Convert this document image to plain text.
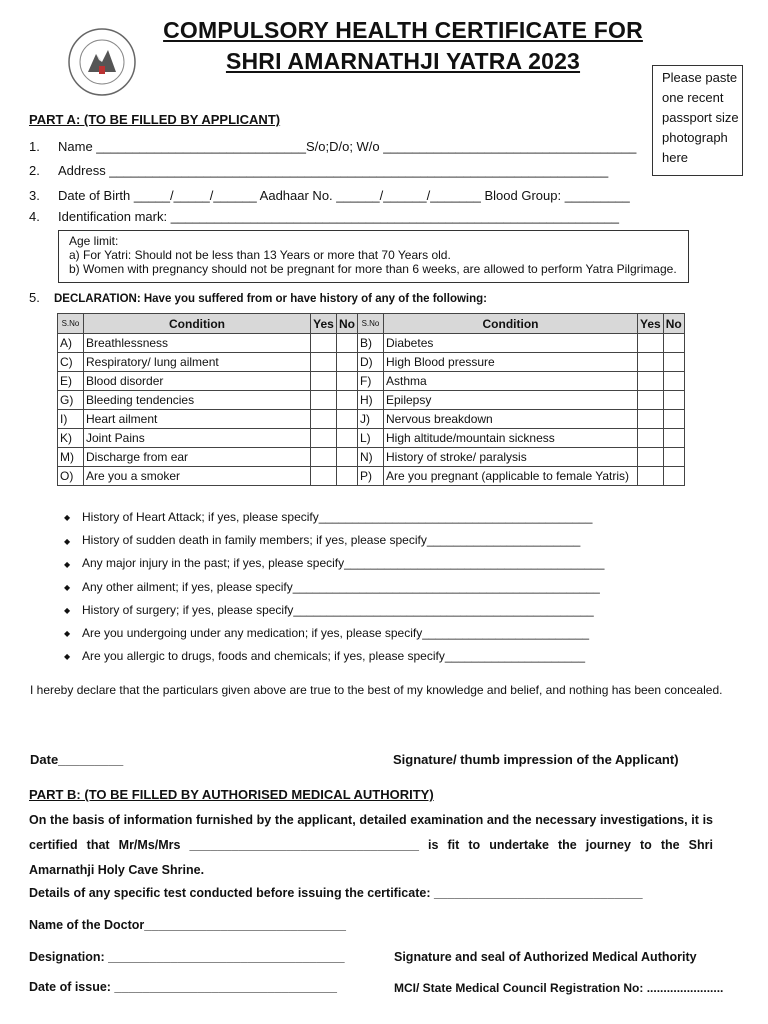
COMPULSORY HEALTH CERTIFICATE FOR
SHRI AMARNATHJI YATRA 2023
Please paste
one recent
passport size
photograph
here
PART A: (TO BE FILLED BY APPLICANT)
1. Name _____________________________S/o;D/o; W/o ___________________________________
2. Address _____________________________________________________________________
3. Date of Birth _____/_____/______ Aadhaar No. ______/______/_______ Blood Group: _________
4. Identification mark: ______________________________________________________________
Age limit:
a) For Yatri: Should not be less than 13 Years or more that 70 Years old.
b) Women with pregnancy should not be pregnant for more than 6 weeks, are allowed to perform Yatra Pilgrimage.
5. DECLARATION: Have you suffered from or have history of any of the following:
S.No	Condition	Yes	No	S.No	Condition	Yes	No
A)	Breathlessness			B)	Diabetes		
C)	Respiratory/ lung ailment			D)	High Blood pressure		
E)	Blood disorder			F)	Asthma		
G)	Bleeding tendencies			H)	Epilepsy		
I)	Heart ailment			J)	Nervous breakdown		
K)	Joint Pains			L)	High altitude/mountain sickness		
M)	Discharge from ear			N)	History of stroke/ paralysis		
O)	Are you a smoker			P)	Are you pregnant (applicable to female Yatris)		
◆ History of Heart Attack; if yes, please specify_________________________________________
◆ History of sudden death in family members; if yes, please specify_______________________
◆ Any major injury in the past; if yes, please specify_______________________________________
◆ Any other ailment; if yes, please specify______________________________________________
◆ History of surgery; if yes, please specify_____________________________________________
◆ Are you undergoing under any medication; if yes, please specify_________________________
◆ Are you allergic to drugs, foods and chemicals; if yes, please specify_____________________
I hereby declare that the particulars given above are true to the best of my knowledge and belief, and nothing has been concealed.
Date_________	Signature/ thumb impression of the Applicant)
PART B: (TO BE FILLED BY AUTHORISED MEDICAL AUTHORITY)
On the basis of information furnished by the applicant, detailed examination and the necessary investigations, it is certified that Mr/Ms/Mrs _________________________________ is fit to undertake the journey to the Shri Amarnathji Holy Cave Shrine.
Details of any specific test conducted before issuing the certificate: ______________________________
Name of the Doctor_____________________________
Designation: __________________________________
Date of issue: ________________________________
Signature and seal of Authorized Medical Authority
MCI/ State Medical Council Registration No: .......................
